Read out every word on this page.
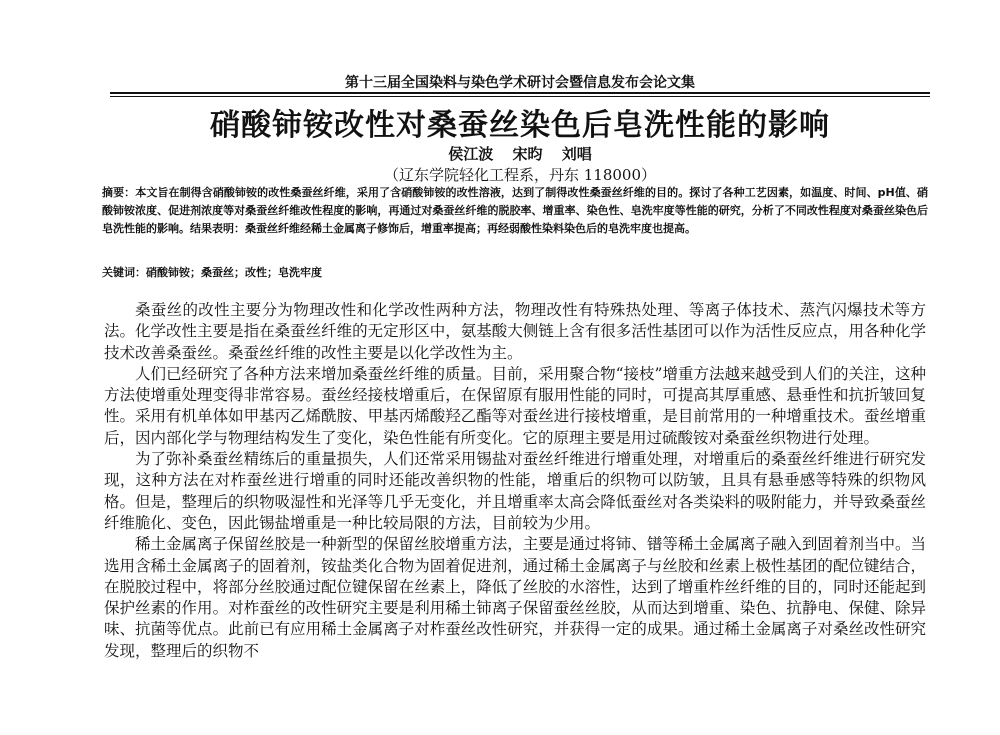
第十三届全国染料与染色学术研讨会暨信息发布会论文集
硝酸铈铵改性对桑蚕丝染色后皂洗性能的影响
侯江波 宋昀 刘唱
（辽东学院轻化工程系，丹东 118000）
摘要：本文旨在制得含硝酸铈铵的改性桑蚕丝纤维，采用了含硝酸铈铵的改性溶液，达到了制得改性桑蚕丝纤维的目的。探讨了各种工艺因素，如温度、时间、pH值、硝酸铈铵浓度、促进剂浓度等对桑蚕丝纤维改性程度的影响，再通过对桑蚕丝纤维的脱胶率、增重率、染色性、皂洗牢度等性能的研究，分析了不同改性程度对桑蚕丝染色后皂洗性能的影响。结果表明：桑蚕丝纤维经稀土金属离子修饰后，增重率提高；再经弱酸性染料染色后的皂洗牢度也提高。
关键词：硝酸铈铵；桑蚕丝；改性；皂洗牢度

桑蚕丝的改性主要分为物理改性和化学改性两种方法，物理改性有特殊热处理、等离子体技术、蒸汽闪爆技术等方法。化学改性主要是指在桑蚕丝纤维的无定形区中，氨基酸大侧链上含有很多活性基团可以作为活性反应点，用各种化学技术改善桑蚕丝。桑蚕丝纤维的改性主要是以化学改性为主。

人们已经研究了各种方法来增加桑蚕丝纤维的质量。目前，采用聚合物“接枝”增重方法越来越受到人们的关注，这种方法使增重处理变得非常容易。蚕丝经接枝增重后，在保留原有服用性能的同时，可提高其厚重感、悬垂性和抗折皱回复性。采用有机单体如甲基丙乙烯酰胺、甲基丙烯酸羟乙酯等对蚕丝进行接枝增重，是目前常用的一种增重技术。蚕丝增重后，因内部化学与物理结构发生了变化，染色性能有所变化。它的原理主要是用过硫酸铵对桑蚕丝织物进行处理。

为了弥补桑蚕丝精练后的重量损失，人们还常采用锡盐对蚕丝纤维进行增重处理，对增重后的桑蚕丝纤维进行研究发现，这种方法在对柞蚕丝进行增重的同时还能改善织物的性能，增重后的织物可以防皱，且具有悬垂感等特殊的织物风格。但是，整理后的织物吸湿性和光泽等几乎无变化，并且增重率太高会降低蚕丝对各类染料的吸附能力，并导致桑蚕丝纤维脆化、变色，因此锡盐增重是一种比较局限的方法，目前较为少用。

稀土金属离子保留丝胶是一种新型的保留丝胶增重方法，主要是通过将铈、镨等稀土金属离子融入到固着剂当中。当选用含稀土金属离子的固着剂，铵盐类化合物为固着促进剂，通过稀土金属离子与丝胶和丝素上极性基团的配位键结合，在脱胶过程中，将部分丝胶通过配位键保留在丝素上，降低了丝胶的水溶性，达到了增重柞丝纤维的目的，同时还能起到保护丝素的作用。对柞蚕丝的改性研究主要是利用稀土铈离子保留蚕丝丝胶，从而达到增重、染色、抗静电、保健、除异味、抗菌等优点。此前已有应用稀土金属离子对柞蚕丝改性研究，并获得一定的成果。通过稀土金属离子对桑丝改性研究发现，整理后的织物不
